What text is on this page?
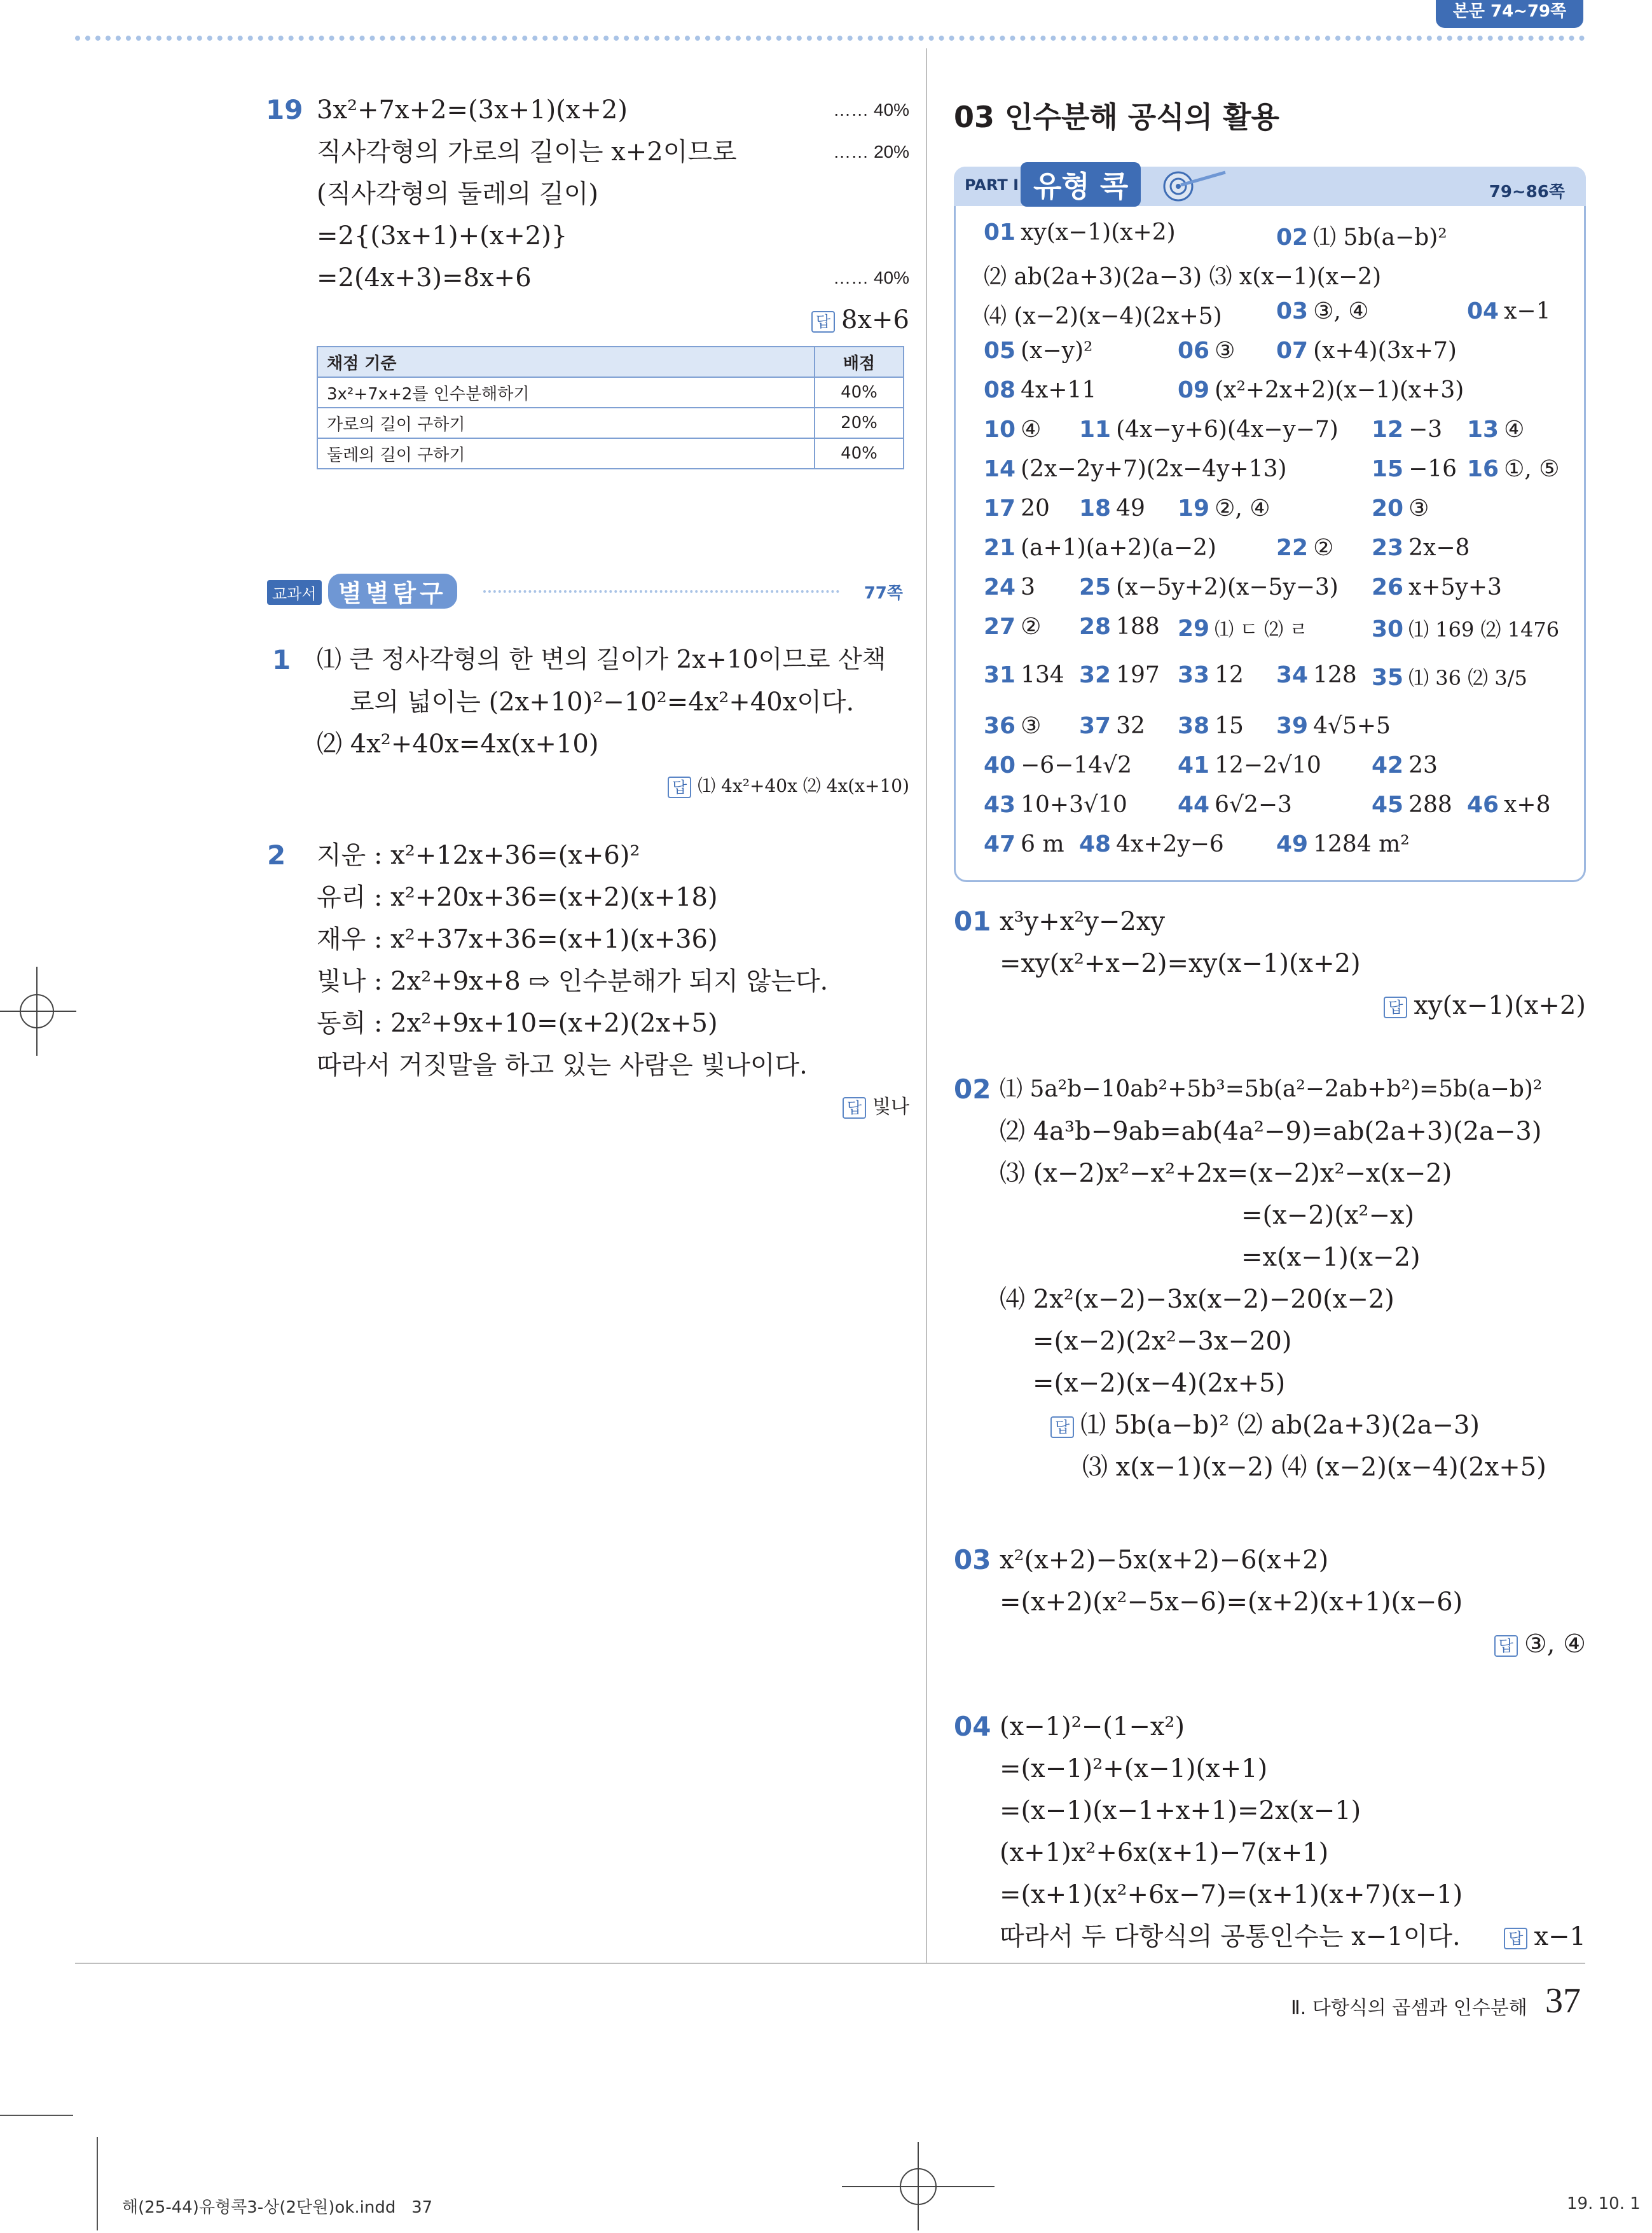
본문 74~79쪽
19 3x²+7x+2=(3x+1)(x+2)	…… 40%
직사각형의 가로의 길이는 x+2이므로	…… 20%
(직사각형의 둘레의 길이)
=2{(3x+1)+(x+2)}
=2(4x+3)=8x+6	…… 40%
답 8x+6
채점 기준	배점
3x²+7x+2를 인수분해하기	40%
가로의 길이 구하기	20%
둘레의 길이 구하기	40%
교과서 별별탐구	77쪽
1 ⑴ 큰 정사각형의 한 변의 길이가 2x+10이므로 산책
로의 넓이는 (2x+10)²−10²=4x²+40x이다.
⑵ 4x²+40x=4x(x+10)
답 ⑴ 4x²+40x ⑵ 4x(x+10)
2 지운 : x²+12x+36=(x+6)²
유리 : x²+20x+36=(x+2)(x+18)
재우 : x²+37x+36=(x+1)(x+36)
빛나 : 2x²+9x+8 ⇨ 인수분해가 되지 않는다.
동희 : 2x²+9x+10=(x+2)(2x+5)
따라서 거짓말을 하고 있는 사람은 빛나이다.
답 빛나
03 인수분해 공식의 활용
PART Ⅰ 유형 콕	79~86쪽
01 xy(x−1)(x+2)	02 ⑴ 5b(a−b)²
⑵ ab(2a+3)(2a−3) ⑶ x(x−1)(x−2)
⑷ (x−2)(x−4)(2x+5) 03 ③, ④	04 x−1
05 (x−y)²	06 ③ 07 (x+4)(3x+7)
08 4x+11	09 (x²+2x+2)(x−1)(x+3)
10 ④ 11 (4x−y+6)(4x−y−7) 12 −3 13 ④
14 (2x−2y+7)(2x−4y+13)	15 −16 16 ①, ⑤
17 20 18 49 19 ②, ④	20 ③
21 (a+1)(a+2)(a−2)	22 ② 23 2x−8
24 3 25 (x−5y+2)(x−5y−3) 26 x+5y+3
27 ② 28 188 29 ⑴ ㄷ ⑵ ㄹ	30 ⑴ 169 ⑵ 1476
31 134 32 197 33 12 34 128 35 ⑴ 36 ⑵ 3/5
36 ③ 37 32 38 15 39 4√5+5
40 −6−14√2 41 12−2√10 42 23
43 10+3√10 44 6√2−3	45 288 46 x+8
47 6 m 48 4x+2y−6 49 1284 m²
01 x³y+x²y−2xy
=xy(x²+x−2)=xy(x−1)(x+2)
답 xy(x−1)(x+2)
02 ⑴ 5a²b−10ab²+5b³=5b(a²−2ab+b²)=5b(a−b)²
⑵ 4a³b−9ab=ab(4a²−9)=ab(2a+3)(2a−3)
⑶ (x−2)x²−x²+2x=(x−2)x²−x(x−2)
=(x−2)(x²−x)
=x(x−1)(x−2)
⑷ 2x²(x−2)−3x(x−2)−20(x−2)
=(x−2)(2x²−3x−20)
=(x−2)(x−4)(2x+5)
답 ⑴ 5b(a−b)² ⑵ ab(2a+3)(2a−3)
⑶ x(x−1)(x−2) ⑷ (x−2)(x−4)(2x+5)
03 x²(x+2)−5x(x+2)−6(x+2)
=(x+2)(x²−5x−6)=(x+2)(x+1)(x−6)
답 ③, ④
04 (x−1)²−(1−x²)
=(x−1)²+(x−1)(x+1)
=(x−1)(x−1+x+1)=2x(x−1)
(x+1)x²+6x(x+1)−7(x+1)
=(x+1)(x²+6x−7)=(x+1)(x+7)(x−1)
따라서 두 다항식의 공통인수는 x−1이다.	답 x−1
Ⅱ. 다항식의 곱셈과 인수분해 37
해(25-44)유형콕3-상(2단원)ok.indd   37	19. 10. 1
